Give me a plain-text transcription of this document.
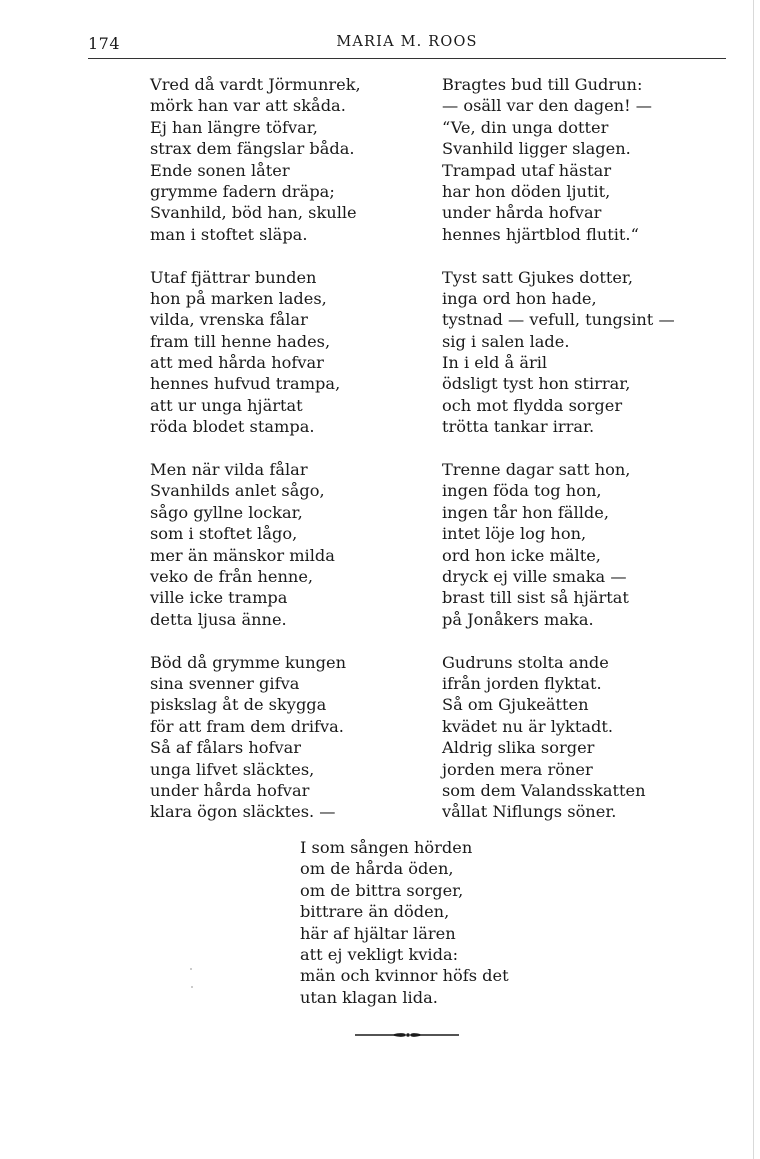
174	MARIA M. ROOS
Vred då vardt Jörmunrek,
mörk han var att skåda.
Ej han längre töfvar,
strax dem fängslar båda.
Ende sonen låter
grymme fadern dräpa;
Svanhild, böd han, skulle
man i stoftet släpa.
Utaf fjättrar bunden
hon på marken lades,
vilda, vrenska fålar
fram till henne hades,
att med hårda hofvar
hennes hufvud trampa,
att ur unga hjärtat
röda blodet stampa.
Men när vilda fålar
Svanhilds anlet sågo,
sågo gyllne lockar,
som i stoftet lågo,
mer än mänskor milda
veko de från henne,
ville icke trampa
detta ljusa änne.
Böd då grymme kungen
sina svenner gifva
piskslag åt de skygga
för att fram dem drifva.
Så af fålars hofvar
unga lifvet släcktes,
under hårda hofvar
klara ögon släcktes. —
Bragtes bud till Gudrun:
— osäll var den dagen! —
“Ve, din unga dotter
Svanhild ligger slagen.
Trampad utaf hästar
har hon döden ljutit,
under hårda hofvar
hennes hjärtblod flutit.“
Tyst satt Gjukes dotter,
inga ord hon hade,
tystnad — vefull, tungsint —
sig i salen lade.
In i eld å äril
ödsligt tyst hon stirrar,
och mot flydda sorger
trötta tankar irrar.
Trenne dagar satt hon,
ingen föda tog hon,
ingen tår hon fällde,
intet löje log hon,
ord hon icke mälte,
dryck ej ville smaka —
brast till sist så hjärtat
på Jonåkers maka.
Gudruns stolta ande
ifrån jorden flyktat.
Så om Gjukeätten
kvädet nu är lyktadt.
Aldrig slika sorger
jorden mera röner
som dem Valandsskatten
vållat Niflungs söner.
I som sången hörden
om de hårda öden,
om de bittra sorger,
bittrare än döden,
här af hjältar lären
att ej vekligt kvida:
män och kvinnor höfs det
utan klagan lida.
